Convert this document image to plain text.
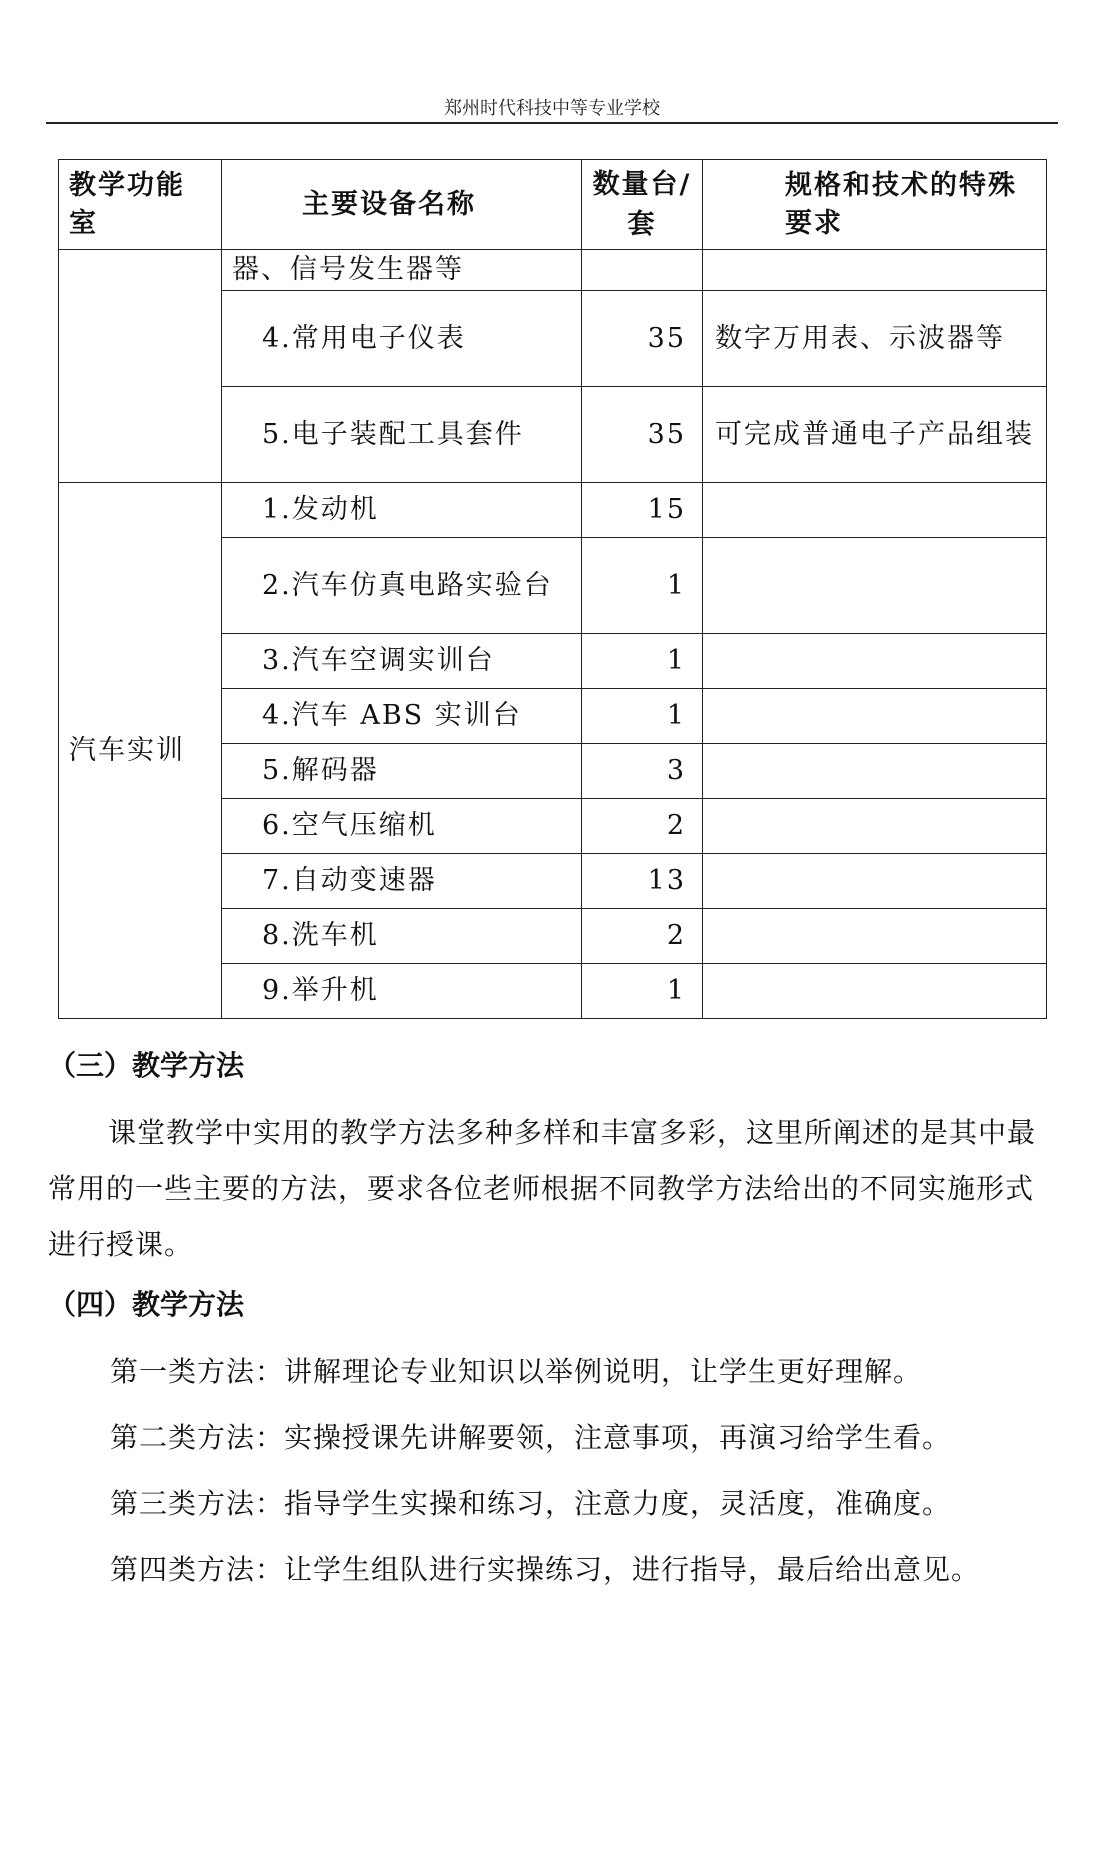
郑州时代科技中等专业学校
教学功能室	主要设备名称	数量台/套	规格和技术的特殊要求

	器、信号发生器等		
	4.常用电子仪表	35	数字万用表、示波器等
	5.电子装配工具套件	35	可完成普通电子产品组装
汽车实训	1.发动机	15	

	2.汽车仿真电路实验台	1	
	3.汽车空调实训台	1	
	4.汽车 ABS 实训台	1	
	5.解码器	3	
	6.空气压缩机	2	
	7.自动变速器	13	
	8.洗车机	2	
	9.举升机	1	
（三）教学方法
课堂教学中实用的教学方法多种多样和丰富多彩，这里所阐述的是其中最常用的一些主要的方法，要求各位老师根据不同教学方法给出的不同实施形式进行授课。
（四）教学方法
第一类方法：讲解理论专业知识以举例说明，让学生更好理解。
第二类方法：实操授课先讲解要领，注意事项，再演习给学生看。
第三类方法：指导学生实操和练习，注意力度，灵活度，准确度。
第四类方法：让学生组队进行实操练习，进行指导，最后给出意见。
